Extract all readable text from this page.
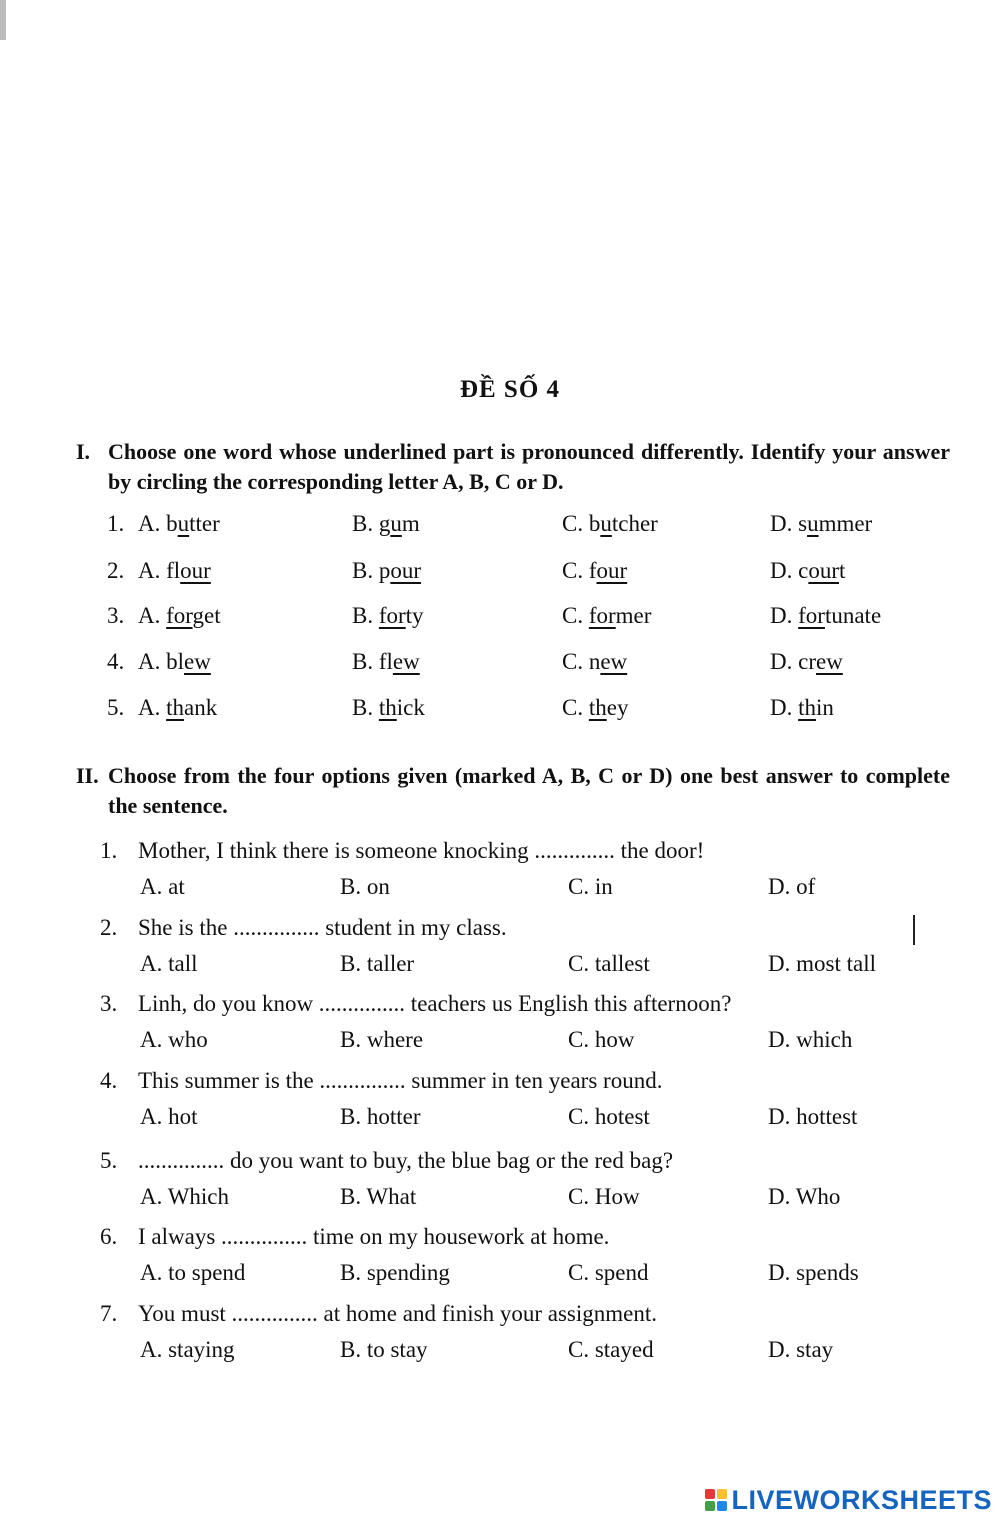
ĐỀ SỐ 4
I. Choose one word whose underlined part is pronounced differently. Identify your answer by circling the corresponding letter A, B, C or D.
1. A. butter	B. gum	C. butcher	D. summer
2. A. flour	B. pour	C. four	D. court
3. A. forget	B. forty	C. former	D. fortunate
4. A. blew	B. flew	C. new	D. crew
5. A. thank	B. thick	C. they	D. thin
II. Choose from the four options given (marked A, B, C or D) one best answer to complete the sentence.
1. Mother, I think there is someone knocking .............. the door!
A. at	B. on	C. in	D. of
2. She is the ............... student in my class.
A. tall	B. taller	C. tallest	D. most tall
3. Linh, do you know ............... teachers us English this afternoon?
A. who	B. where	C. how	D. which
4. This summer is the ............... summer in ten years round.
A. hot	B. hotter	C. hotest	D. hottest
5. ............... do you want to buy, the blue bag or the red bag?
A. Which	B. What	C. How	D. Who
6. I always ............... time on my housework at home.
A. to spend	B. spending	C. spend	D. spends
7. You must ............... at home and finish your assignment.
A. staying	B. to stay	C. stayed	D. stay
LIVEWORKSHEETS
